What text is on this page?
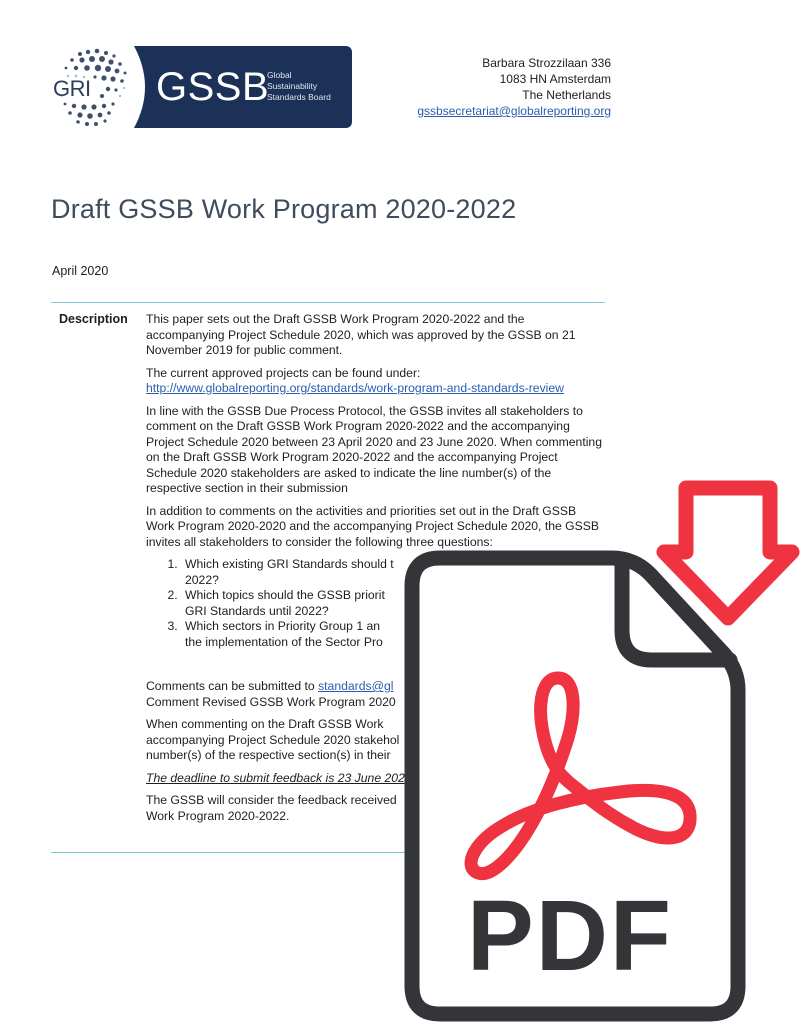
GRI GSSB
Global
Sustainability
Standards Board
Barbara Strozzilaan 336
1083 HN Amsterdam
The Netherlands
gssbsecretariat@globalreporting.org
Draft GSSB Work Program 2020-2022
April 2020
Description This paper sets out the Draft GSSB Work Program 2020-2022 and the accompanying Project Schedule 2020, which was approved by the GSSB on 21 November 2019 for public comment.

The current approved projects can be found under:
http://www.globalreporting.org/standards/work-program-and-standards-review

In line with the GSSB Due Process Protocol, the GSSB invites all stakeholders to comment on the Draft GSSB Work Program 2020-2022 and the accompanying Project Schedule 2020 between 23 April 2020 and 23 June 2020. When commenting on the Draft GSSB Work Program 2020-2022 and the accompanying Project Schedule 2020 stakeholders are asked to indicate the line number(s) of the respective section in their submission

In addition to comments on the activities and priorities set out in the Draft GSSB Work Program 2020-2020 and the accompanying Project Schedule 2020, the GSSB invites all stakeholders to consider the following three questions:

1. Which existing GRI Standards should t
2022?
2. Which topics should the GSSB priorit
GRI Standards until 2022?
3. Which sectors in Priority Group 1 an
the implementation of the Sector Pro

Comments can be submitted to standards@gl
Comment Revised GSSB Work Program 2020

When commenting on the Draft GSSB Work
accompanying Project Schedule 2020 stakehol
number(s) of the respective section(s) in their

The deadline to submit feedback is 23 June 2020

The GSSB will consider the feedback received
Work Program 2020-2022.

PDF
